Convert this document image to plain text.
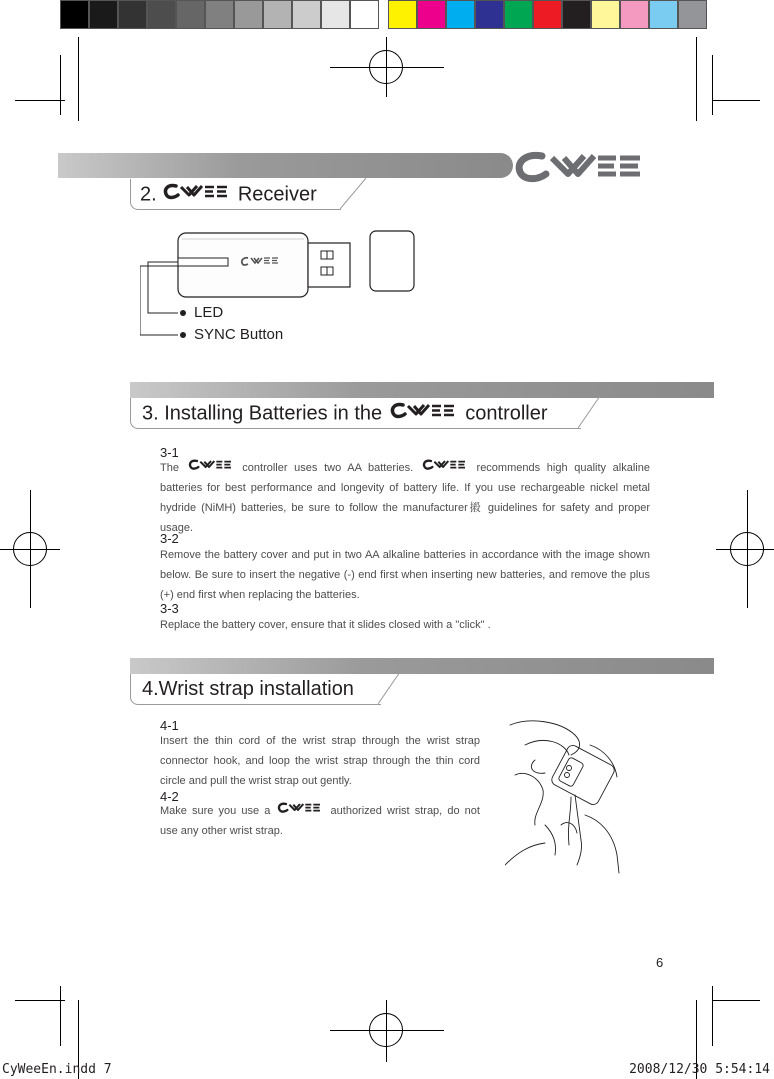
2.	Receiver
LED
SYNC Button
3. Installing Batteries in the	controller
3-1
The	controller uses two AA batteries.	recommends high quality alkaline batteries for best performance and longevity of battery life. If you use rechargeable nickel metal hydride (NiMH) batteries, be sure to follow the manufacturer摋 guidelines for safety and proper usage.
3-2
Remove the battery cover and put in two AA alkaline batteries in accordance with the image shown below. Be sure to insert the negative (-) end first when inserting new batteries, and remove the plus (+) end first when replacing the batteries.
3-3
Replace the battery cover, ensure that it slides closed with a "click" .
4.Wrist strap installation
4-1
Insert the thin cord of the wrist strap through the wrist strap connector hook, and loop the wrist strap through the thin cord circle and pull the wrist strap out gently.
4-2
Make sure you use a	authorized wrist strap, do not use any other wrist strap.
6
CyWeeEn.indd 7	2008/12/30 5:54:14
